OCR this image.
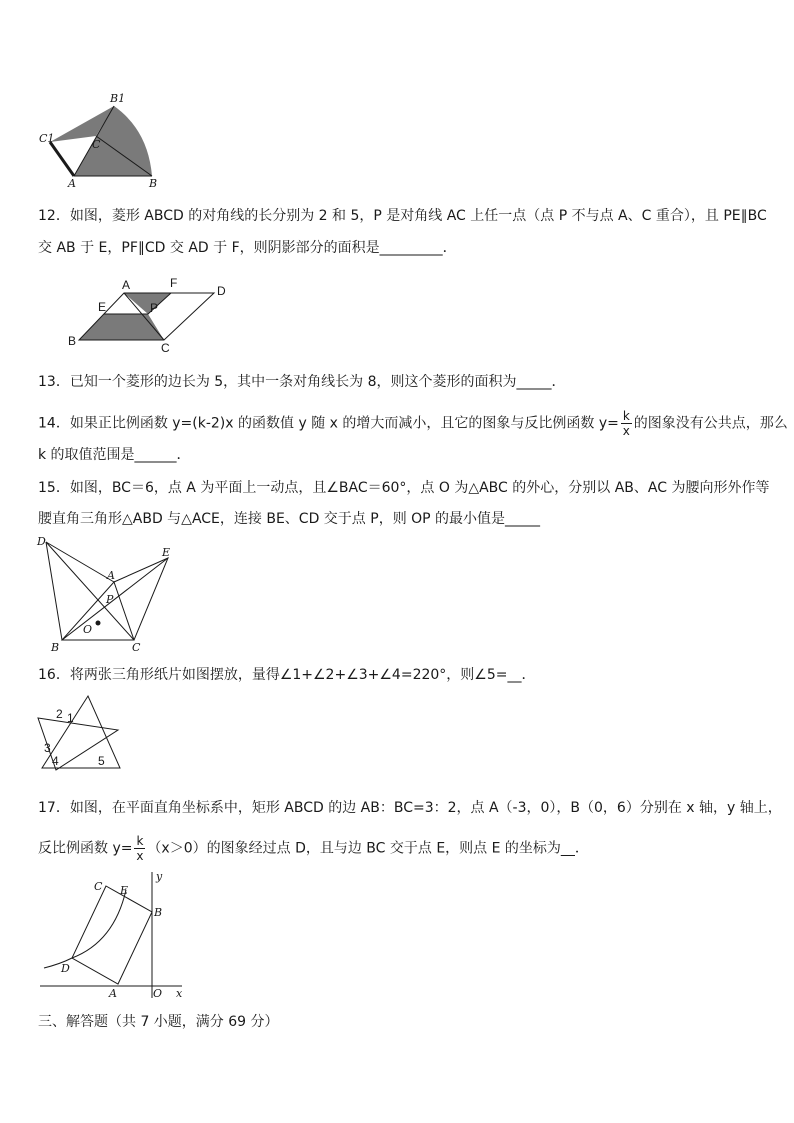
B1
C1	C
A	B
12．如图，菱形 ABCD 的对角线的长分别为 2 和 5，P 是对角线 AC 上任一点（点 P 不与点 A、C 重合），且 PE∥BC
交 AB 于 E，PF∥CD 交 AD 于 F，则阴影部分的面积是_________．
A	F
D
E	P
B	C
13．已知一个菱形的边长为 5，其中一条对角线长为 8，则这个菱形的面积为_____．
14．如果正比例函数 y=(k-2)x 的函数值 y 随 x 的增大而减小，且它的图象与反比例函数 $y= \frac{k}{x}$ 的图象没有公共点，那么
k 的取值范围是______．
15．如图，BC＝6，点 A 为平面上一动点，且∠BAC＝60°，点 O 为△ABC 的外心，分别以 AB、AC 为腰向形外作等
腰直角三角形△ABD 与△ACE，连接 BE、CD 交于点 P，则 OP 的最小值是_____
D
E
A
P
O
B	C
16．将两张三角形纸片如图摆放，量得∠1+∠2+∠3+∠4=220°，则∠5=__．
2 1
3
4	5
17．如图，在平面直角坐标系中，矩形 ABCD 的边 AB：BC=3：2，点 A（-3，0），B（0，6）分别在 x 轴，y 轴上，
反比例函数 $y= \frac{k}{x} (x>0)$的图象经过点 D，且与边 BC 交于点 E，则点 E 的坐标为__．
C E
y
B
D
A	O x
三、解答题（共 7 小题，满分 69 分）
